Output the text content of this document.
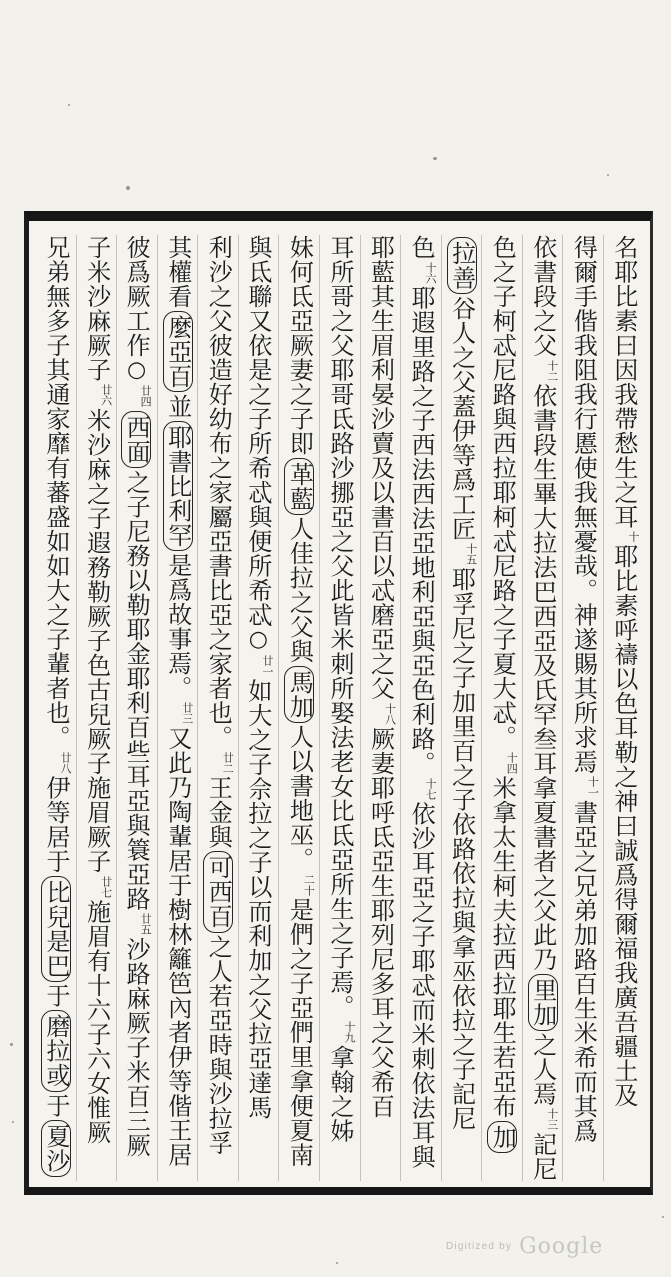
名耶比素曰因我帶愁生之耳十耶比素呼禱以色耳勒之神曰誠爲得爾福我廣吾疆土及
得爾手偕我阻我行慝使我無憂哉。神遂賜其所求焉十一書亞之兄弟加路百生米希而其爲
依書段之父十二依書段生畢大拉法巴西亞及氏罕叁耳拿夏書者之父此乃里加之人焉十三記尼
色之子柯忒尼路與西拉耶柯忒尼路之子夏大忒。十四米拿太生柯夫拉西拉耶生若亞布加
拉善谷人之父蓋伊等爲工匠十五耶孚尼之子加里百之子依路依拉與拿巫依拉之子記尼
色十六耶遐里路之子西法西法亞地利亞與亞色利路。十七依沙耳亞之子耶忒而米刺依法耳與
耶藍其生眉利晏沙賣及以書百以忒磨亞之父十八厥妻耶呼氐亞生耶列尼多耳之父希百
耳所哥之父耶哥氐路沙挪亞之父此皆米刺所娶法老女比氐亞所生之子焉。十九拿翰之姊
妹何氐亞厥妻之子即革藍人佳拉之父與馬加人以書地巫。二十是們之子亞們里拿便夏南
與氐聯又依是之子所希忒與便所希忒○廿一如大之子佘拉之子以而利加之父拉亞達馬
利沙之父彼造好幼布之家屬亞書比亞之家者也。廿二王金與可西百之人若亞時與沙拉孚
其權看麼亞百並耶書比利罕是爲故事焉。廿三又此乃陶輩居于樹林籬笆內者伊等偕王居
彼爲厥工作○廿四西面之子尼務以勒耶金耶利百些耳亞與簑亞路廿五沙路麻厥子米百三厥
子米沙麻厥子廿六米沙麻之子遐務勒厥子色古兒厥子施眉厥子廿七施眉有十六子六女惟厥
兄弟無多子其通家靡有蕃盛如如大之子輩者也。廿八伊等居于比兒是巴于磨拉或于夏沙
Digitized by Google
